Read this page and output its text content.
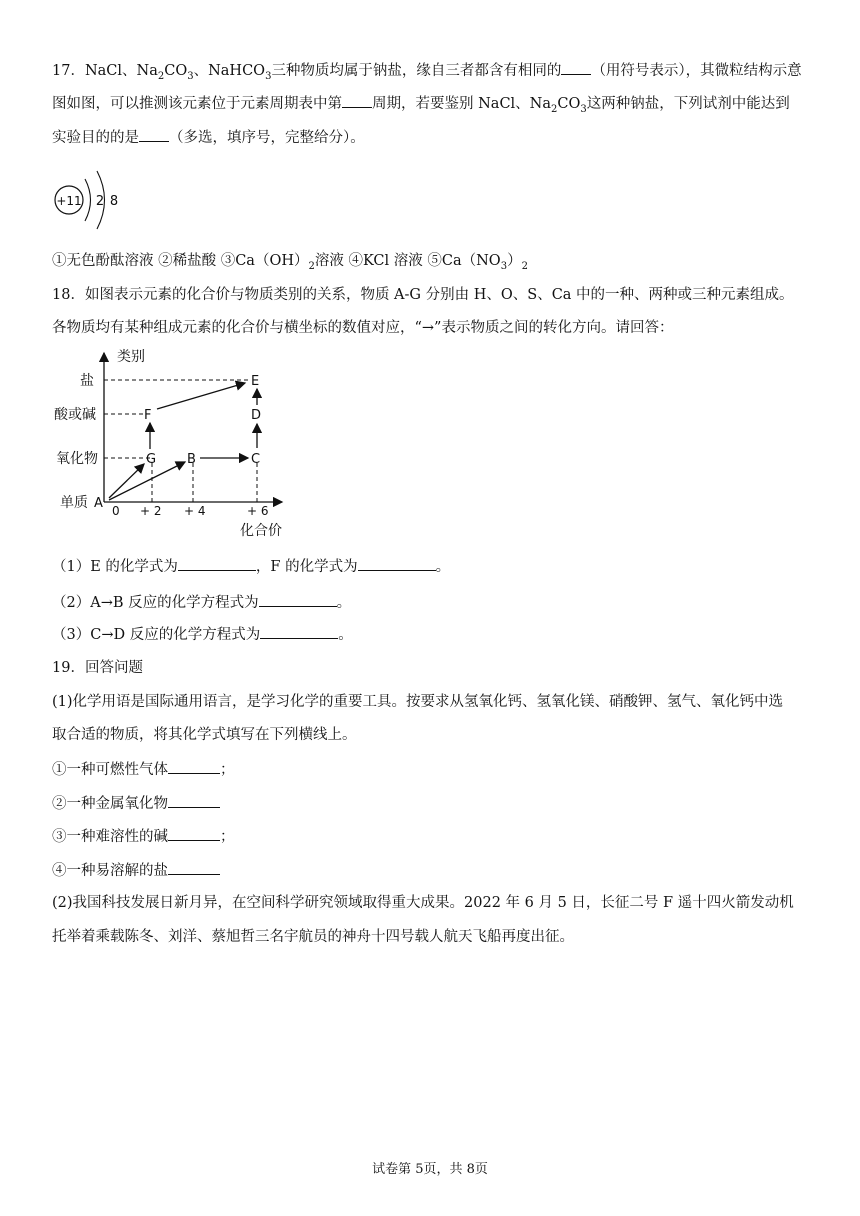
17．NaCl、$Na_2CO_3$、NaHCO$_3$三种物质均属于钠盐，缘自三者都含有相同的 （用符号表示），其微粒结构示意
图如图，可以推测该元素位于元素周期表中第 周期，若要鉴别 NaCl、$Na_2CO_3$这两种钠盐，下列试剂中能达到
实验目的的是 （多选，填序号，完整给分）。
+11 2 8
①无色酚酞溶液 ②稀盐酸 $③Ca(OH)_2$溶液 ④KCl 溶液 $⑤Ca(NO_3)_2$
18．如图表示元素的化合价与物质类别的关系，物质 A-G 分别由 H、O、S、Ca 中的一种、两种或三种元素组成。
各物质均有某种组成元素的化合价与横坐标的数值对应，“→”表示物质之间的转化方向。请回答：
类别
化合价
盐
酸或碱
氧化物
单质 0 + 2 + 4	+ 6
A
G B	C
D
E
F
（1）E 的化学式为	，F 的化学式为	。
（2）A→B 反应的化学方程式为	。
（3）C→D 反应的化学方程式为	。
19．回答问题
(1)化学用语是国际通用语言，是学习化学的重要工具。按要求从氢氧化钙、氢氧化镁、硝酸钾、氢气、氧化钙中选
取合适的物质，将其化学式填写在下列横线上。
①一种可燃性气体	；
②一种金属氧化物
③一种难溶性的碱	；
④一种易溶解的盐
(2)我国科技发展日新月异，在空间科学研究领域取得重大成果。2022 年 6 月 5 日，长征二号 F 遥十四火箭发动机
托举着乘载陈冬、刘洋、蔡旭哲三名宇航员的神舟十四号载人航天飞船再度出征。
试卷第 5页，共 8页
